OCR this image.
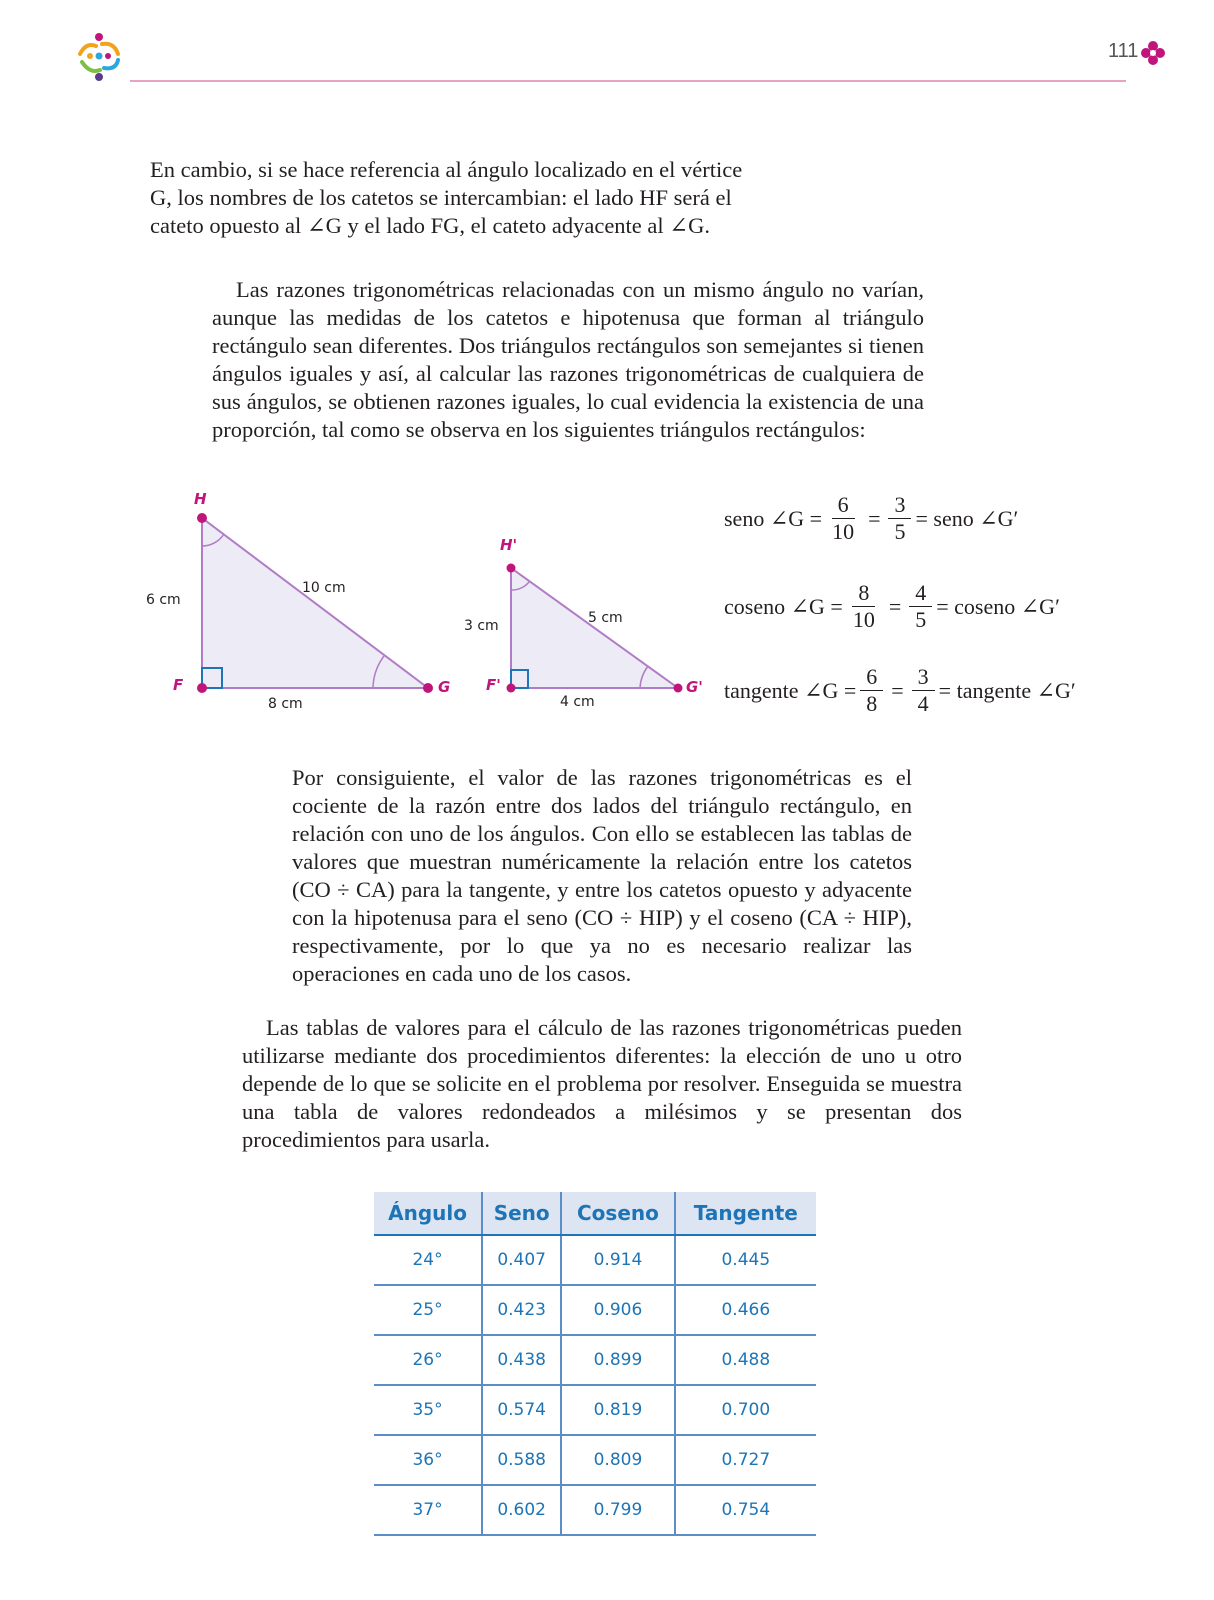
111

En cambio, si se hace referencia al ángulo localizado en el vértice G, los nombres de los catetos se intercambian: el lado HF será el cateto opuesto al ∠G y el lado FG, el cateto adyacente al ∠G.

Las razones trigonométricas relacionadas con un mismo ángulo no varían, aunque las medidas de los catetos e hipotenusa que forman al triángulo rectángulo sean diferentes. Dos triángulos rectángulos son semejantes si tienen ángulos iguales y así, al calcular las razones trigonométricas de cualquiera de sus ángulos, se obtienen razones iguales, lo cual evidencia la existencia de una proporción, tal como se observa en los siguientes triángulos rectángulos:

H
F	G
6 cm
10 cm
8 cm
H'
F'	G'
3 cm	5 cm
4 cm
seno ∠G = $\frac{6}{10} = \frac{3}{5}$ = seno ∠G′
coseno ∠G = $\frac{8}{10} = \frac{4}{5}$ = coseno ∠G′
tangente ∠G = $\frac{6}{8} = \frac{3}{4}$ = tangente ∠G′

Por consiguiente, el valor de las razones trigonométricas es el cociente de la razón entre dos lados del triángulo rectángulo, en relación con uno de los ángulos. Con ello se establecen las tablas de valores que muestran numéricamente la relación entre los catetos (CO ÷ CA) para la tangente, y entre los catetos opuesto y adyacente con la hipotenusa para el seno (CO ÷ HIP) y el coseno (CA ÷ HIP), respectivamente, por lo que ya no es necesario realizar las operaciones en cada uno de los casos.

Las tablas de valores para el cálculo de las razones trigonométricas pueden utilizarse mediante dos procedimientos diferentes: la elección de uno u otro depende de lo que se solicite en el problema por resolver. Enseguida se muestra una tabla de valores redondeados a milésimos y se presentan dos procedimientos para usarla.

Ángulo	Seno	Coseno	Tangente
24°	0.407	0.914	0.445
25°	0.423	0.906	0.466
26°	0.438	0.899	0.488
35°	0.574	0.819	0.700
36°	0.588	0.809	0.727
37°	0.602	0.799	0.754
